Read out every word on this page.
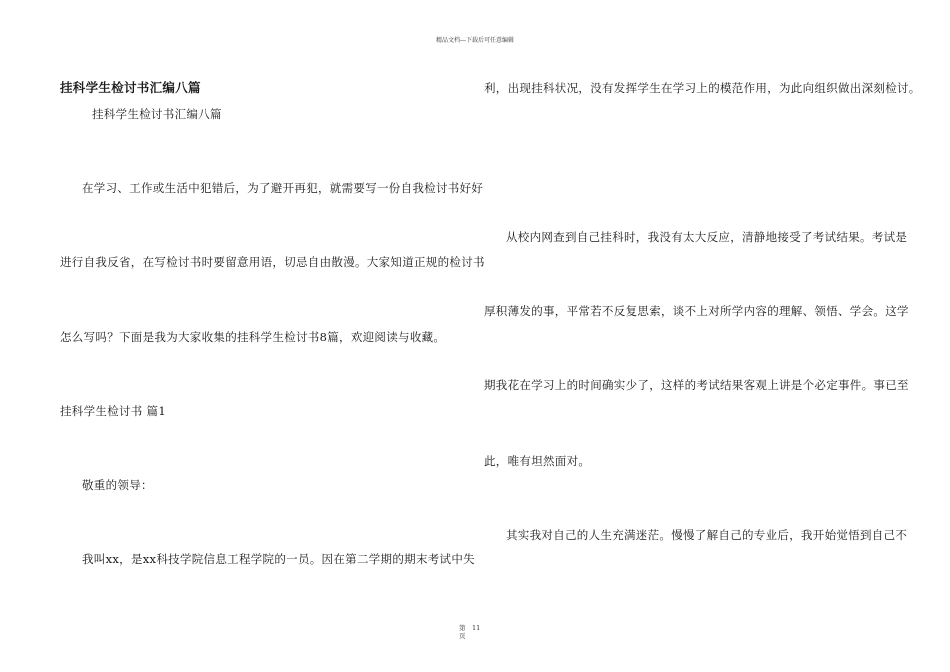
精品文档---下载后可任意编辑
挂科学生检讨书汇编八篇
挂科学生检讨书汇编八篇
在学习、工作或生活中犯错后，为了避开再犯，就需要写一份自我检讨书好好
进行自我反省，在写检讨书时要留意用语，切忌自由散漫。大家知道正规的检讨书
怎么写吗？下面是我为大家收集的挂科学生检讨书8篇，欢迎阅读与收藏。
挂科学生检讨书 篇1
敬重的领导：
我叫xx，是xx科技学院信息工程学院的一员。因在第二学期的期末考试中失
利，出现挂科状况，没有发挥学生在学习上的模范作用，为此向组织做出深刻检讨。
从校内网查到自己挂科时，我没有太大反应，清静地接受了考试结果。考试是
厚积薄发的事，平常若不反复思索，谈不上对所学内容的理解、领悟、学会。这学
期我花在学习上的时间确实少了，这样的考试结果客观上讲是个必定事件。事已至
此，唯有坦然面对。
其实我对自己的人生充满迷茫。慢慢了解自己的专业后，我开始觉悟到自己不
第
页
11
